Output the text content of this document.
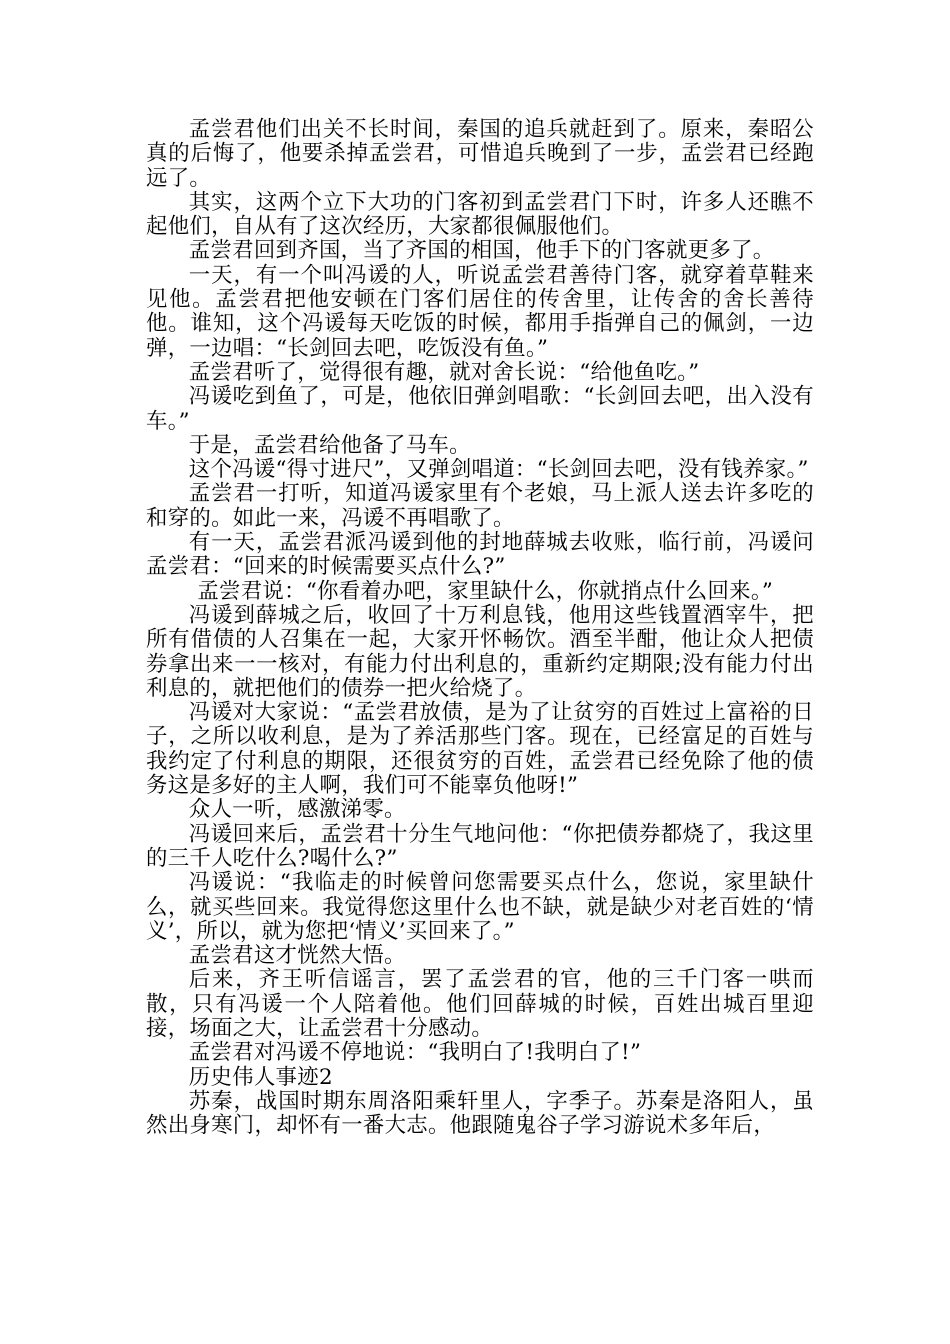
孟尝君他们出关不长时间，秦国的追兵就赶到了。原来，秦昭公真的后悔了，他要杀掉孟尝君，可惜追兵晚到了一步，孟尝君已经跑远了。

其实，这两个立下大功的门客初到孟尝君门下时，许多人还瞧不起他们，自从有了这次经历，大家都很佩服他们。

孟尝君回到齐国，当了齐国的相国，他手下的门客就更多了。

一天，有一个叫冯谖的人，听说孟尝君善待门客，就穿着草鞋来见他。孟尝君把他安顿在门客们居住的传舍里，让传舍的舍长善待他。谁知，这个冯谖每天吃饭的时候，都用手指弹自己的佩剑，一边弹，一边唱：“长剑回去吧，吃饭没有鱼。”

孟尝君听了，觉得很有趣，就对舍长说：“给他鱼吃。”

冯谖吃到鱼了，可是，他依旧弹剑唱歌：“长剑回去吧，出入没有车。”

于是，孟尝君给他备了马车。

这个冯谖“得寸进尺”，又弹剑唱道：“长剑回去吧，没有钱养家。”

孟尝君一打听，知道冯谖家里有个老娘，马上派人送去许多吃的和穿的。如此一来，冯谖不再唱歌了。

有一天，孟尝君派冯谖到他的封地薛城去收账，临行前，冯谖问孟尝君：“回来的时候需要买点什么?”

孟尝君说：“你看着办吧，家里缺什么，你就捎点什么回来。”

冯谖到薛城之后，收回了十万利息钱，他用这些钱置酒宰牛，把所有借债的人召集在一起，大家开怀畅饮。酒至半酣，他让众人把债券拿出来一一核对，有能力付出利息的，重新约定期限;没有能力付出利息的，就把他们的债券一把火给烧了。

冯谖对大家说：“孟尝君放债，是为了让贫穷的百姓过上富裕的日子，之所以收利息，是为了养活那些门客。现在，已经富足的百姓与我约定了付利息的期限，还很贫穷的百姓，孟尝君已经免除了他的债务这是多好的主人啊，我们可不能辜负他呀!”

众人一听，感激涕零。

冯谖回来后，孟尝君十分生气地问他：“你把债券都烧了，我这里的三千人吃什么?喝什么?”

冯谖说：“我临走的时候曾问您需要买点什么，您说，家里缺什么，就买些回来。我觉得您这里什么也不缺，就是缺少对老百姓的‘情义’，所以，就为您把‘情义’买回来了。”

孟尝君这才恍然大悟。

后来，齐王听信谣言，罢了孟尝君的官，他的三千门客一哄而散，只有冯谖一个人陪着他。他们回薛城的时候，百姓出城百里迎接，场面之大，让孟尝君十分感动。

孟尝君对冯谖不停地说：“我明白了!我明白了!”

历史伟人事迹2

苏秦，战国时期东周洛阳乘轩里人，字季子。苏秦是洛阳人，虽然出身寒门，却怀有一番大志。他跟随鬼谷子学习游说术多年后，
